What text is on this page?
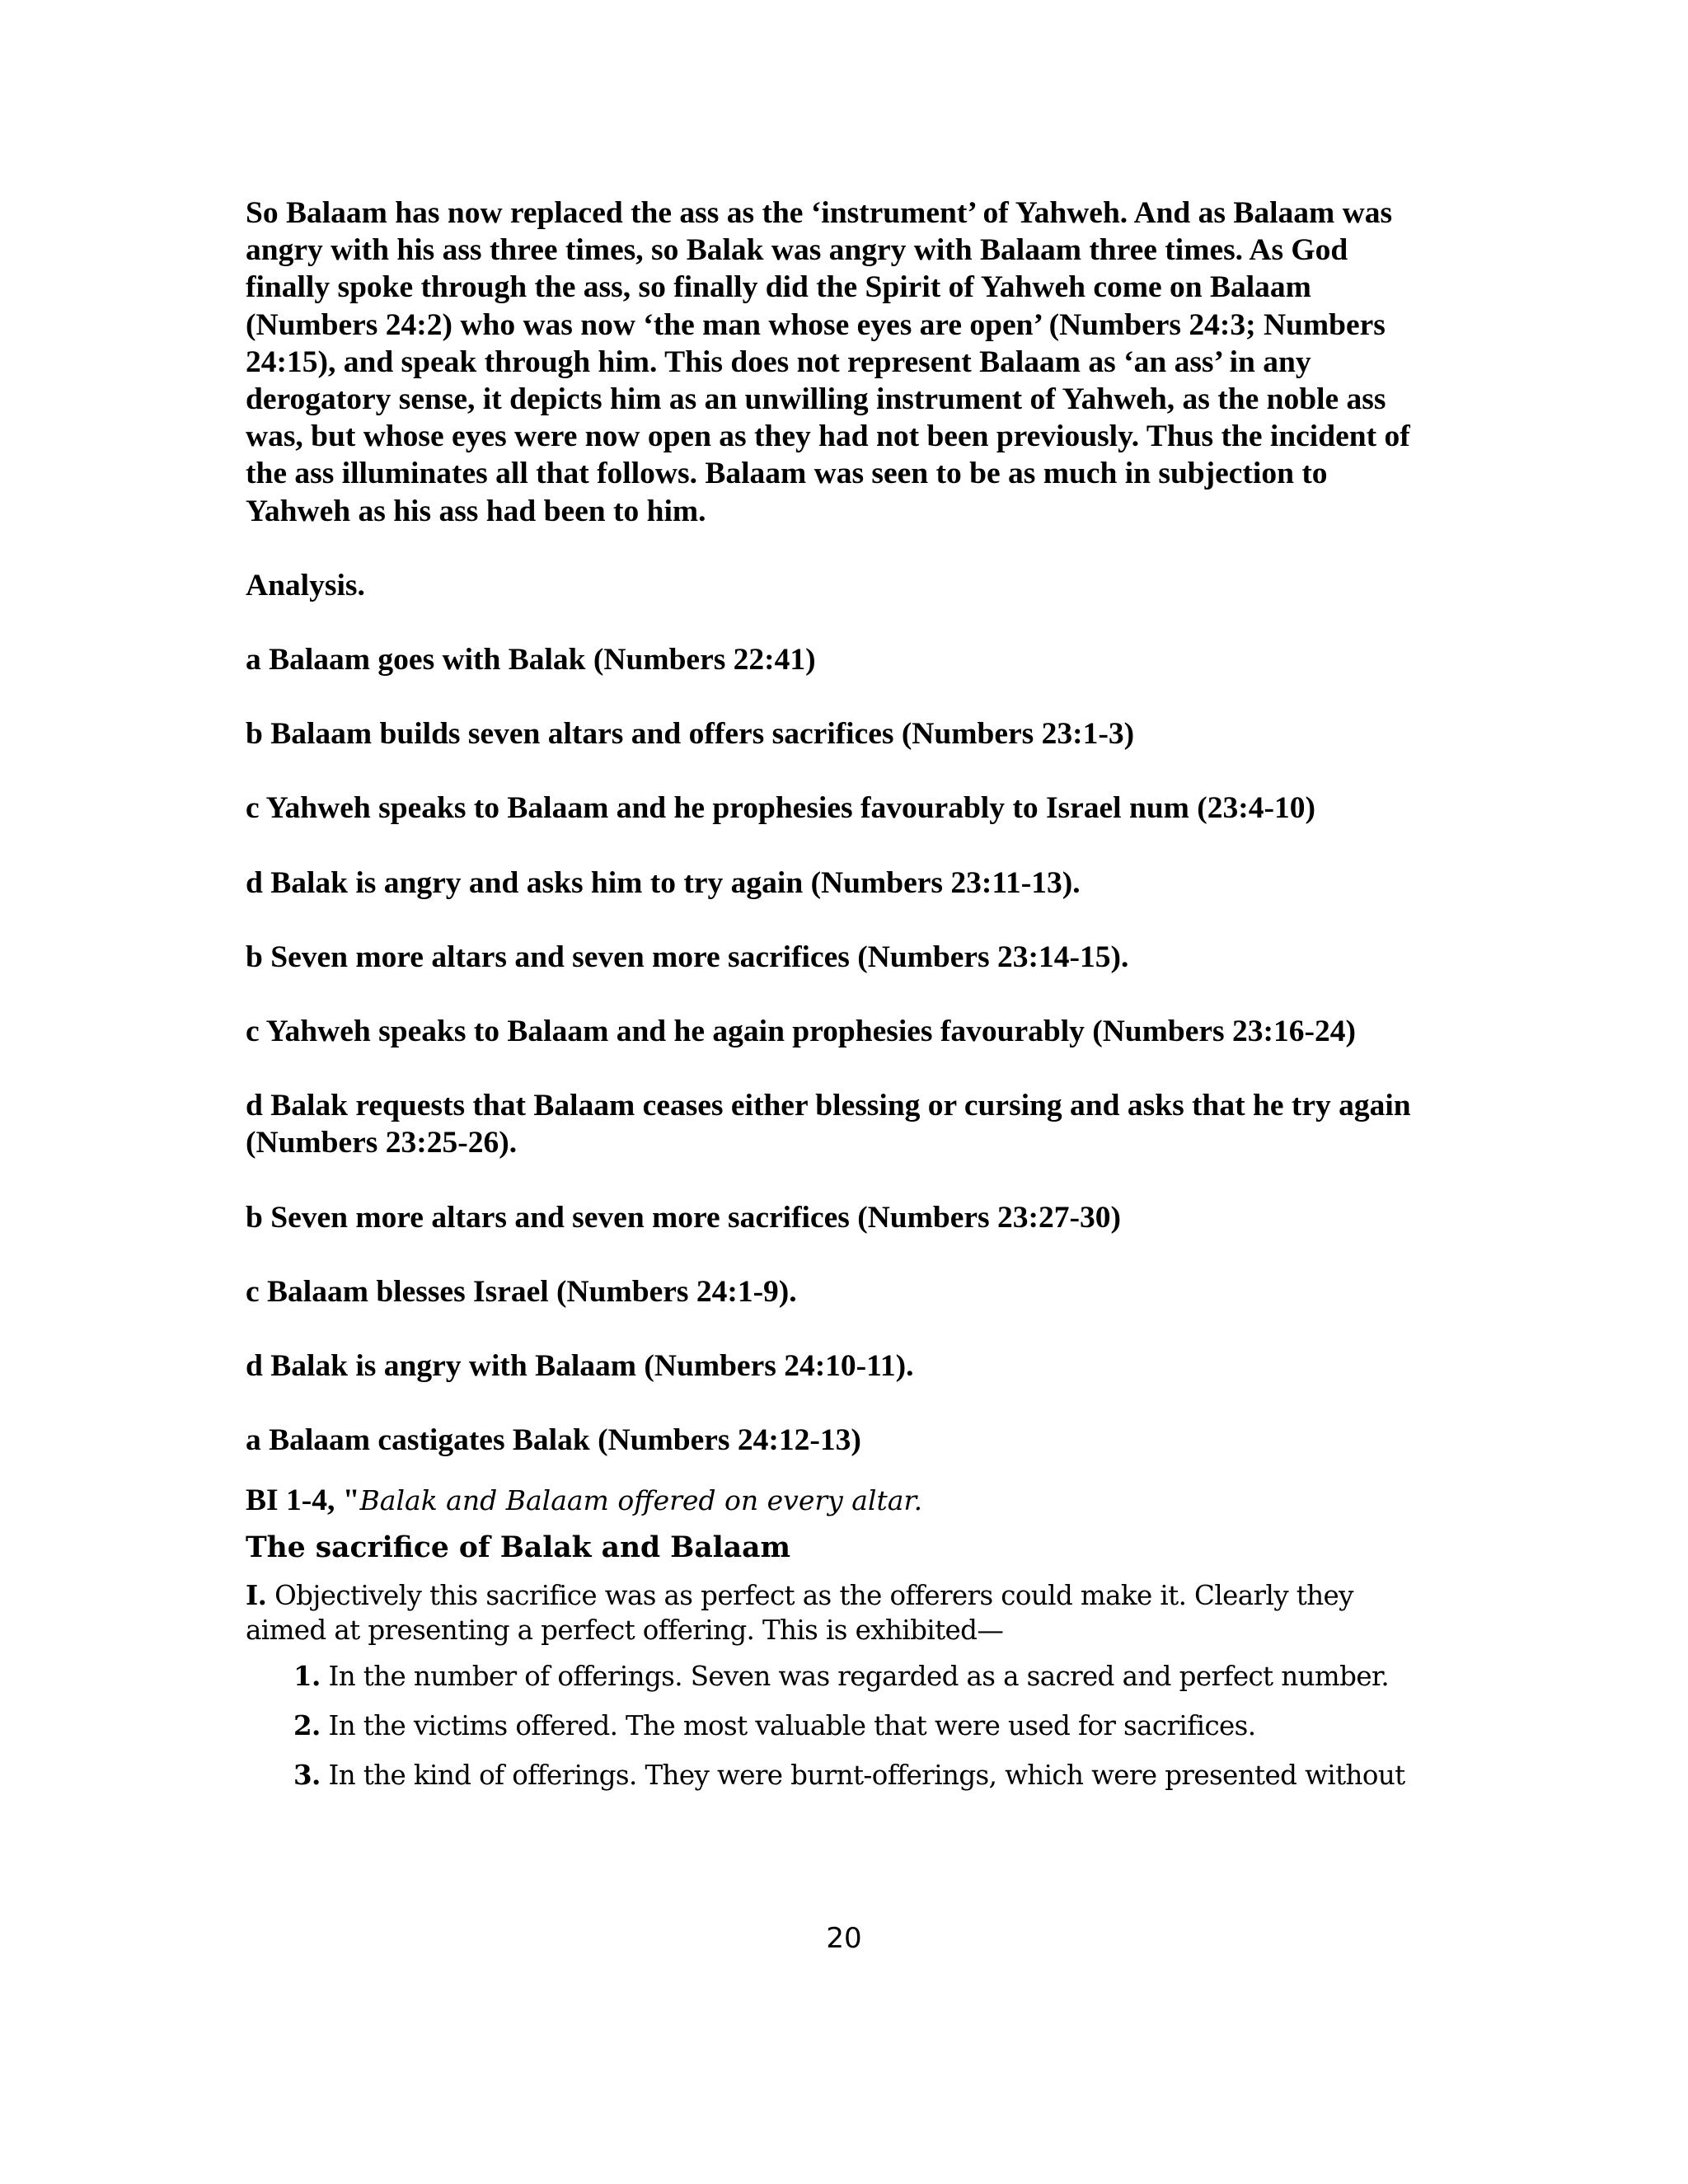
So Balaam has now replaced the ass as the ‘instrument’ of Yahweh. And as Balaam was angry with his ass three times, so Balak was angry with Balaam three times. As God finally spoke through the ass, so finally did the Spirit of Yahweh come on Balaam (Numbers 24:2) who was now ‘the man whose eyes are open’ (Numbers 24:3; Numbers 24:15), and speak through him. This does not represent Balaam as ‘an ass’ in any derogatory sense, it depicts him as an unwilling instrument of Yahweh, as the noble ass was, but whose eyes were now open as they had not been previously. Thus the incident of the ass illuminates all that follows. Balaam was seen to be as much in subjection to Yahweh as his ass had been to him.

Analysis.

a Balaam goes with Balak (Numbers 22:41)
b Balaam builds seven altars and offers sacrifices (Numbers 23:1-3)
c Yahweh speaks to Balaam and he prophesies favourably to Israel num (23:4-10)
d Balak is angry and asks him to try again (Numbers 23:11-13).
b Seven more altars and seven more sacrifices (Numbers 23:14-15).
c Yahweh speaks to Balaam and he again prophesies favourably (Numbers 23:16-24)
d Balak requests that Balaam ceases either blessing or cursing and asks that he try again (Numbers 23:25-26).
b Seven more altars and seven more sacrifices (Numbers 23:27-30)
c Balaam blesses Israel (Numbers 24:1-9).
d Balak is angry with Balaam (Numbers 24:10-11).
a Balaam castigates Balak (Numbers 24:12-13)

BI 1-4, "Balak and Balaam offered on every altar.

The sacrifice of Balak and Balaam

I. Objectively this sacrifice was as perfect as the offerers could make it. Clearly they aimed at presenting a perfect offering. This is exhibited—

1. In the number of offerings. Seven was regarded as a sacred and perfect number.
2. In the victims offered. The most valuable that were used for sacrifices.
3. In the kind of offerings. They were burnt-offerings, which were presented without
20
